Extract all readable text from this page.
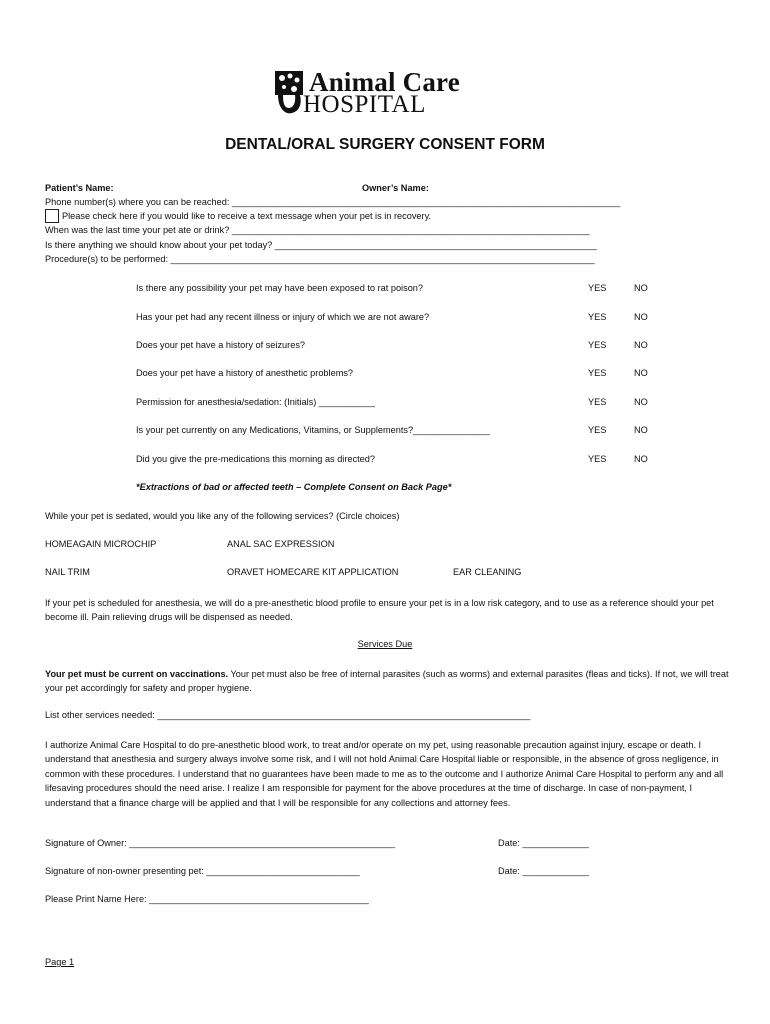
Animal Care
HOSPITAL
DENTAL/ORAL SURGERY CONSENT FORM
Patient’s Name:	Owner’s Name:
Phone number(s) where you can be reached: ____________________________________________________________________________
Please check here if you would like to receive a text message when your pet is in recovery.
When was the last time your pet ate or drink? ______________________________________________________________________
Is there anything we should know about your pet today? _______________________________________________________________
Procedure(s) to be performed: ___________________________________________________________________________________
Is there any possibility your pet may have been exposed to rat poison?	YES	NO
Has your pet had any recent illness or injury of which we are not aware?	YES	NO
Does your pet have a history of seizures?	YES	NO
Does your pet have a history of anesthetic problems?	YES	NO
Permission for anesthesia/sedation: (Initials) ___________	YES	NO
Is your pet currently on any Medications, Vitamins, or Supplements?_______________	YES	NO
Did you give the pre-medications this morning as directed?	YES	NO
*Extractions of bad or affected teeth – Complete Consent on Back Page*
While your pet is sedated, would you like any of the following services? (Circle choices)
HOMEAGAIN MICROCHIP	ANAL SAC EXPRESSION
NAIL TRIM	ORAVET HOMECARE KIT APPLICATION	EAR CLEANING
If your pet is scheduled for anesthesia, we will do a pre-anesthetic blood profile to ensure your pet is in a low risk category, and to use as a reference should your pet become ill. Pain relieving drugs will be dispensed as needed.
Services Due
Your pet must be current on vaccinations. Your pet must also be free of internal parasites (such as worms) and external parasites (fleas and ticks). If not, we will treat your pet accordingly for safety and proper hygiene.
List other services needed: _________________________________________________________________________
I authorize Animal Care Hospital to do pre-anesthetic blood work, to treat and/or operate on my pet, using reasonable precaution against injury, escape or death. I understand that anesthesia and surgery always involve some risk, and I will not hold Animal Care Hospital liable or responsible, in the absence of gross negligence, in common with these procedures. I understand that no guarantees have been made to me as to the outcome and I authorize Animal Care Hospital to perform any and all lifesaving procedures should the need arise. I realize I am responsible for payment for the above procedures at the time of discharge. In case of non-payment, I understand that a finance charge will be applied and that I will be responsible for any collections and attorney fees.
Signature of Owner: ____________________________________________________	Date: _____________
Signature of non-owner presenting pet: ______________________________	Date: _____________
Please Print Name Here: ___________________________________________
Page 1
